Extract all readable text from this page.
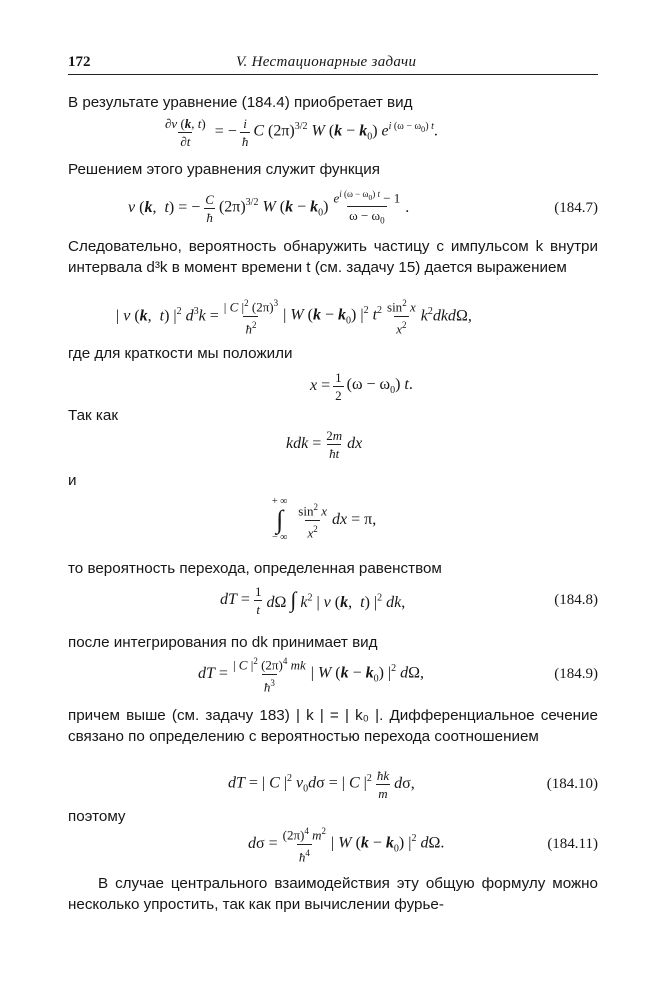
172	V. Нестационарные задачи
В результате уравнение (184.4) приобретает вид
$\frac{\partial v (k, t)}{\partial t}$ = − $\frac{i}{ħ}$ C $(2\pi)^{3/2}$ W $(k - k_0)$ $e^{i (\omega - \omega_0) t}$.
Решением этого уравнения служит функция
v (k,  t) = − $\frac{C}{ħ} (2\pi)^{3/2}$ W $(k - k_0) \frac{e^{i (\omega - \omega_0) t} - 1}{\omega - \omega_0}$ .	(184.7)
Следовательно, вероятность обнаружить частицу с импульсом k внутри интервала d³k в момент времени t (см. задачу 15) дается выражением
| v (k,  t) $|^2$ $d^3k = \frac{| C |^2 (2\pi)^3}{ħ^2}$ | W $(k - k_0)$ $|^2$ $t^2 \frac{\sin^2 x}{x^2} k^2dkd\Omega$,
где для краткости мы положили
$x = \frac{1}{2} (\omega - \omega_0)$ t.
Так как
kdk = $\frac{2m}{ħt}$ dx
и
+ ∞
∫
− ∞ $\frac{\sin^2 x}{x^2}$ dx = π,
то вероятность перехода, определенная равенством
dT = $\frac{1}{t}$ dΩ ∫ $k^2$ | v (k,  t) $|^2$ dk,	(184.8)
после интегрирования по dk принимает вид
dT = $\frac{| C |^2 (2\pi)^4 mk}{ħ^3}$ | W $(k - k_0)$ $|^2$ dΩ,	(184.9)
причем выше (см. задачу 183) | k | = | k₀ |. Дифференциальное сечение связано по определению с вероятностью перехода соотношением
dT = | C $|^2$ $v_0d\sigma$ = | C $|^2 \frac{ħk}{m} d\sigma$,	(184.10)
поэтому
$d\sigma = \frac{(2\pi)^4 m^2}{ħ^4}$ | W $(k - k_0)$ $|^2$ dΩ.	(184.11)
В случае центрального взаимодействия эту общую формулу можно несколько упростить, так как при вычислении фурье-
